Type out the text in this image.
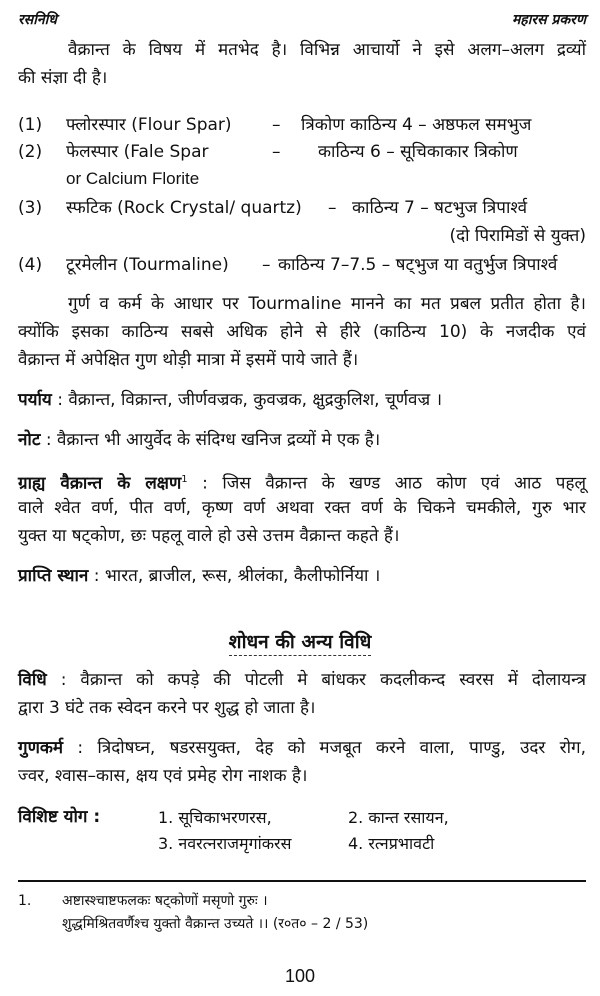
रसनिधि	महारस प्रकरण
वैक्रान्त के विषय में मतभेद है। विभिन्न आचार्यो ने इसे अलग–अलग द्रव्यों
की संज्ञा दी है।
(1) फ्लोरस्पार (Flour Spar) – त्रिकोण काठिन्य 4 – अष्ठफल समभुज
(2) फेलस्पार (Fale Spar	– काठिन्य 6 – सूचिकाकार त्रिकोण
or Calcium Florite
(3) स्फटिक (Rock Crystal/ quartz) – काठिन्य 7 – षटभुज त्रिपार्श्व
(दो पिरामिडों से युक्त)
(4) टूरमेलीन (Tourmaline) – काठिन्य 7–7.5 – षट्भुज या वतुर्भुज त्रिपार्श्व
गुर्ण व कर्म के आधार पर Tourmaline मानने का मत प्रबल प्रतीत होता है।
क्योंकि इसका काठिन्य सबसे अधिक होने से हीरे (काठिन्य 10) के नजदीक एवं
वैक्रान्त में अपेक्षित गुण थोड़ी मात्रा में इसमें पाये जाते हैं।
पर्याय : वैक्रान्त, विक्रान्त, जीर्णवज्रक, कुवज्रक, क्षुद्रकुलिश, चूर्णवज्र ।
नोट : वैक्रान्त भी आयुर्वेद के संदिग्ध खनिज द्रव्यों मे एक है।
ग्राह्य वैक्रान्त के लक्षण$^1$ : जिस वैक्रान्त के खण्ड आठ कोण एवं आठ पहलू
वाले श्वेत वर्ण, पीत वर्ण, कृष्ण वर्ण अथवा रक्त वर्ण के चिकने चमकीले, गुरु भार
युक्त या षट्कोण, छः पहलू वाले हो उसे उत्तम वैक्रान्त कहते हैं।
प्राप्ति स्थान : भारत, ब्राजील, रूस, श्रीलंका, कैलीफोर्निया ।
शोधन की अन्य विधि
विधि : वैक्रान्त को कपड़े की पोटली मे बांधकर कदलीकन्द स्वरस में दोलायन्त्र
द्वारा 3 घंटे तक स्वेदन करने पर शुद्ध हो जाता है।
गुणकर्म : त्रिदोषघ्न, षडरसयुक्त, देह को मजबूत करने वाला, पाण्डु, उदर रोग,
ज्वर, श्वास–कास, क्षय एवं प्रमेह रोग नाशक है।
विशिष्ट योग :	1. सूचिकाभरणरस,	2. कान्त रसायन,
3. नवरत्नराजमृगांकरस	4. रत्नप्रभावटी
1. अष्टास्श्चाष्टफलकः षट्कोणों मसृणो गुरुः ।
शुद्धमिश्रितवर्णैश्च युक्तो वैक्रान्त उच्यते ।। (र०त० – 2 / 53)
100
